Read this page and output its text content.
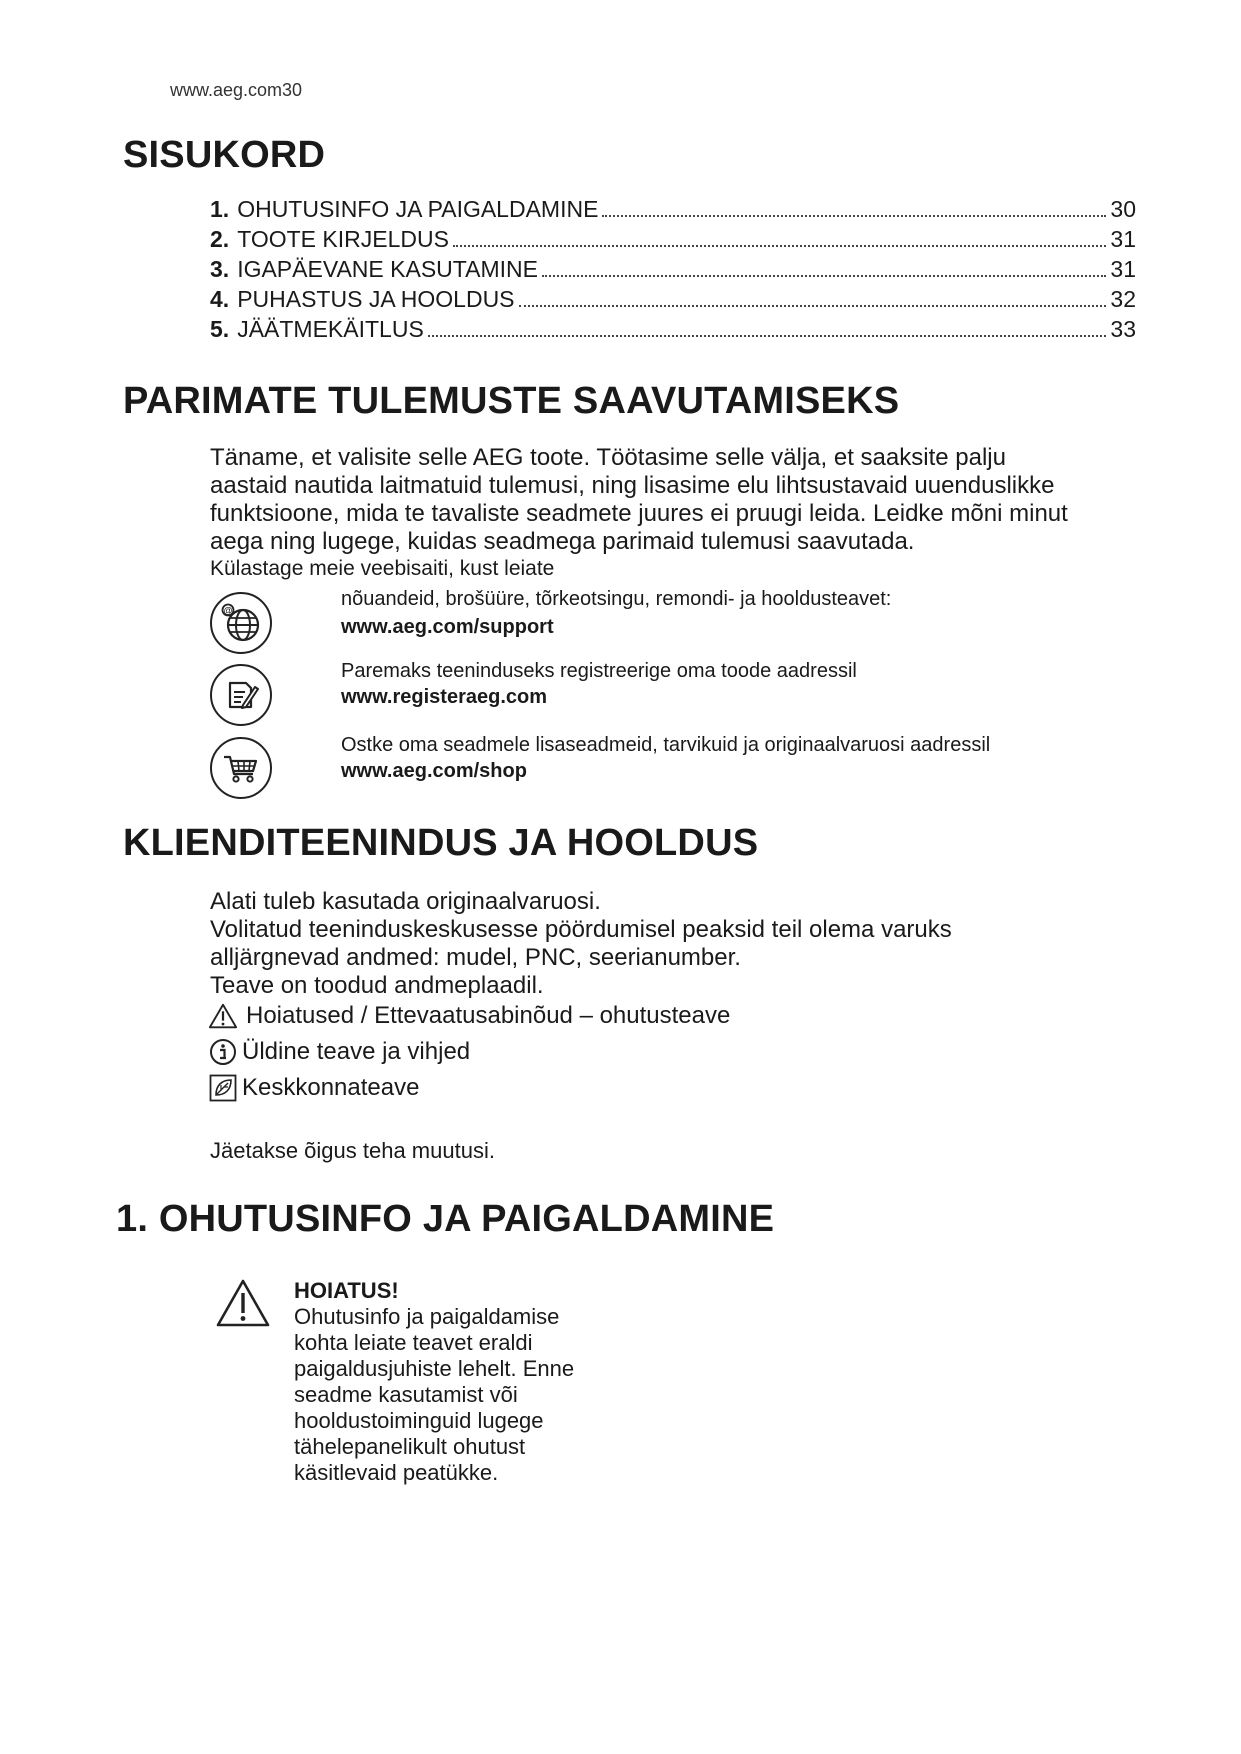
www.aeg.com30
SISUKORD
1. OHUTUSINFO JA PAIGALDAMINE	30
2. TOOTE KIRJELDUS	31
3. IGAPÄEVANE KASUTAMINE	31
4. PUHASTUS JA HOOLDUS	32
5. JÄÄTMEKÄITLUS	33
PARIMATE TULEMUSTE SAAVUTAMISEKS
Täname, et valisite selle AEG toote. Töötasime selle välja, et saaksite palju
aastaid nautida laitmatuid tulemusi, ning lisasime elu lihtsustavaid uuenduslikke
funktsioone, mida te tavaliste seadmete juures ei pruugi leida. Leidke mõni minut
aega ning lugege, kuidas seadmega parimaid tulemusi saavutada.
Külastage meie veebisaiti, kust leiate
@
nõuandeid, brošüüre, tõrkeotsingu, remondi- ja hooldusteavet:
www.aeg.com/support
Paremaks teeninduseks registreerige oma toode aadressil
www.registeraeg.com
Ostke oma seadmele lisaseadmeid, tarvikuid ja originaalvaruosi aadressil
www.aeg.com/shop
KLIENDITEENINDUS JA HOOLDUS
Alati tuleb kasutada originaalvaruosi.
Volitatud teeninduskeskusesse pöördumisel peaksid teil olema varuks
alljärgnevad andmed: mudel, PNC, seerianumber.
Teave on toodud andmeplaadil.
Hoiatused / Ettevaatusabinõud – ohutusteave
Üldine teave ja vihjed
Keskkonnateave
Jäetakse õigus teha muutusi.
1. OHUTUSINFO JA PAIGALDAMINE
HOIATUS!
Ohutusinfo ja paigaldamise
kohta leiate teavet eraldi
paigaldusjuhiste lehelt. Enne
seadme kasutamist või
hooldustoiminguid lugege
tähelepanelikult ohutust
käsitlevaid peatükke.
